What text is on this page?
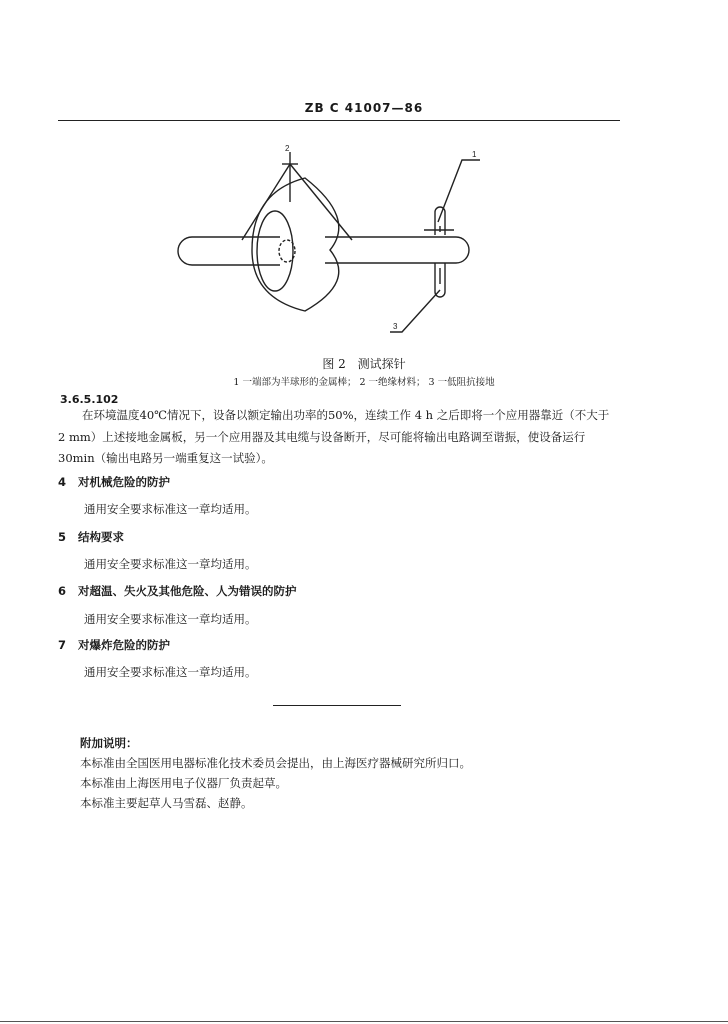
ZB C 41007—86
2
1
3
图 2 测试探针
1 一端部为半球形的金属棒； 2 一绝缘材料； 3 一低阻抗接地
3.6.5.102
在环境温度40℃情况下，设备以额定输出功率的50%，连续工作 4 h 之后即将一个应用器靠近（不大于 2 mm）上述接地金属板，另一个应用器及其电缆与设备断开，尽可能将输出电路调至谐振，使设备运行 30min（输出电路另一端重复这一试验）。
4 对机械危险的防护
通用安全要求标准这一章均适用。
5 结构要求
通用安全要求标准这一章均适用。
6 对超温、失火及其他危险、人为错误的防护
通用安全要求标准这一章均适用。
7 对爆炸危险的防护
通用安全要求标准这一章均适用。
附加说明：
本标准由全国医用电器标准化技术委员会提出，由上海医疗器械研究所归口。
本标准由上海医用电子仪器厂负责起草。
本标准主要起草人马雪磊、赵静。
